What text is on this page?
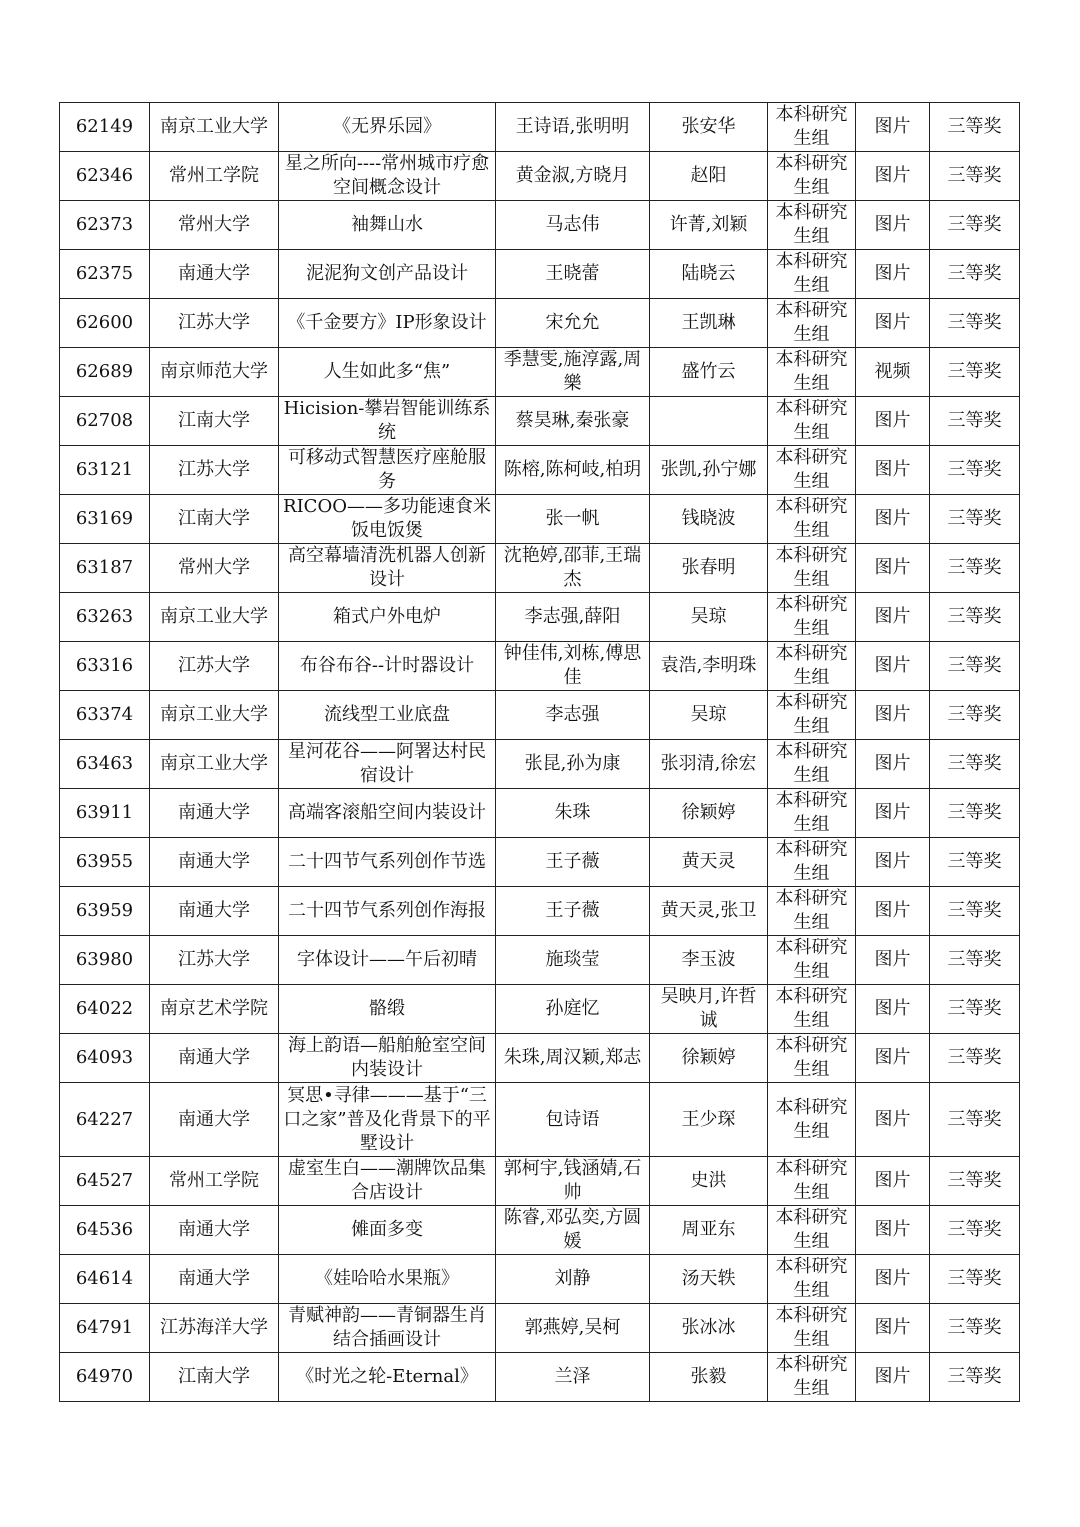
62149	南京工业大学	《无界乐园》	王诗语,张明明	张安华	本科研究生组	图片	三等奖
62346	常州工学院	星之所向----常州城市疗愈空间概念设计	黄金淑,方晓月	赵阳	本科研究生组	图片	三等奖
62373	常州大学	袖舞山水	马志伟	许菁,刘颖	本科研究生组	图片	三等奖
62375	南通大学	泥泥狗文创产品设计	王晓蕾	陆晓云	本科研究生组	图片	三等奖
62600	江苏大学	《千金要方》IP形象设计	宋允允	王凯琳	本科研究生组	图片	三等奖
62689	南京师范大学	人生如此多“焦”	季慧雯,施淳露,周樂	盛竹云	本科研究生组	视频	三等奖
62708	江南大学	Hicision-攀岩智能训练系统	蔡昊琳,秦张豪		本科研究生组	图片	三等奖
63121	江苏大学	可移动式智慧医疗座舱服务	陈榕,陈柯岐,柏玥	张凯,孙宁娜	本科研究生组	图片	三等奖
63169	江南大学	RICOO——多功能速食米饭电饭煲	张一帆	钱晓波	本科研究生组	图片	三等奖
63187	常州大学	高空幕墙清洗机器人创新设计	沈艳婷,邵菲,王瑞杰	张春明	本科研究生组	图片	三等奖
63263	南京工业大学	箱式户外电炉	李志强,薛阳	吴琼	本科研究生组	图片	三等奖
63316	江苏大学	布谷布谷--计时器设计	钟佳伟,刘栋,傅思佳	袁浩,李明珠	本科研究生组	图片	三等奖
63374	南京工业大学	流线型工业底盘	李志强	吴琼	本科研究生组	图片	三等奖
63463	南京工业大学	星河花谷——阿署达村民宿设计	张昆,孙为康	张羽清,徐宏	本科研究生组	图片	三等奖
63911	南通大学	高端客滚船空间内装设计	朱珠	徐颖婷	本科研究生组	图片	三等奖
63955	南通大学	二十四节气系列创作节选	王子薇	黄天灵	本科研究生组	图片	三等奖
63959	南通大学	二十四节气系列创作海报	王子薇	黄天灵,张卫	本科研究生组	图片	三等奖
63980	江苏大学	字体设计——午后初晴	施琰莹	李玉波	本科研究生组	图片	三等奖
64022	南京艺术学院	骼缎	孙庭忆	吴映月,许哲诚	本科研究生组	图片	三等奖
64093	南通大学	海上韵语—船舶舱室空间内装设计	朱珠,周汉颖,郑志	徐颖婷	本科研究生组	图片	三等奖
64227	南通大学	冥思•寻律———基于“三口之家”普及化背景下的平墅设计	包诗语	王少琛	本科研究生组	图片	三等奖
64527	常州工学院	虚室生白——潮牌饮品集合店设计	郭柯宇,钱涵婧,石帅	史洪	本科研究生组	图片	三等奖
64536	南通大学	傩面多变	陈睿,邓弘奕,方圆媛	周亚东	本科研究生组	图片	三等奖
64614	南通大学	《娃哈哈水果瓶》	刘静	汤天轶	本科研究生组	图片	三等奖
64791	江苏海洋大学	青赋神韵——青铜器生肖结合插画设计	郭燕婷,吴柯	张冰冰	本科研究生组	图片	三等奖
64970	江南大学	《时光之轮-Eternal》	兰泽	张毅	本科研究生组	图片	三等奖
